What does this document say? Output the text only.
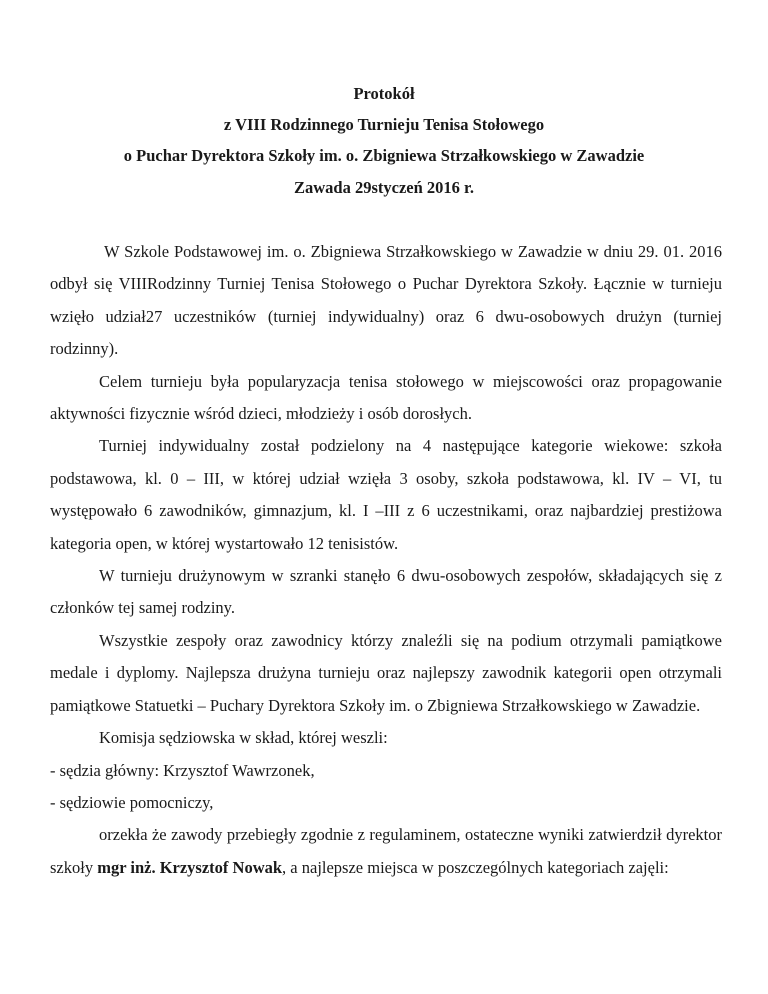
Protokół

z VIII Rodzinnego Turnieju Tenisa Stołowego

o Puchar Dyrektora Szkoły im. o. Zbigniewa Strzałkowskiego w Zawadzie

Zawada 29styczeń 2016 r.

W Szkole Podstawowej im. o. Zbigniewa Strzałkowskiego w Zawadzie w dniu 29. 01. 2016 odbył się VIIIRodzinny Turniej Tenisa Stołowego o Puchar Dyrektora Szkoły. Łącznie w turnieju wzięło udział27 uczestników (turniej indywidualny) oraz 6 dwu-osobowych drużyn (turniej rodzinny).

Celem turnieju była popularyzacja tenisa stołowego w miejscowości oraz propagowanie aktywności fizycznie wśród dzieci, młodzieży i osób dorosłych.

Turniej indywidualny został podzielony na 4 następujące kategorie wiekowe: szkoła podstawowa, kl. 0 – III, w której udział wzięła 3 osoby, szkoła podstawowa, kl. IV – VI, tu występowało 6 zawodników, gimnazjum, kl. I –III z 6 uczestnikami, oraz najbardziej prestiżowa kategoria open, w której wystartowało 12 tenisistów.

W turnieju drużynowym w szranki stanęło 6 dwu-osobowych zespołów, składających się z członków tej samej rodziny.

Wszystkie zespoły oraz zawodnicy którzy znaleźli się na podium otrzymali pamiątkowe medale i dyplomy. Najlepsza drużyna turnieju oraz najlepszy zawodnik kategorii open otrzymali pamiątkowe Statuetki – Puchary Dyrektora Szkoły im. o Zbigniewa Strzałkowskiego w Zawadzie.

Komisja sędziowska w skład, której weszli:

- sędzia główny: Krzysztof Wawrzonek,

- sędziowie pomocniczy,

orzekła że zawody przebiegły zgodnie z regulaminem, ostateczne wyniki zatwierdził dyrektor szkoły mgr inż. Krzysztof Nowak, a najlepsze miejsca w poszczególnych kategoriach zajęli:
